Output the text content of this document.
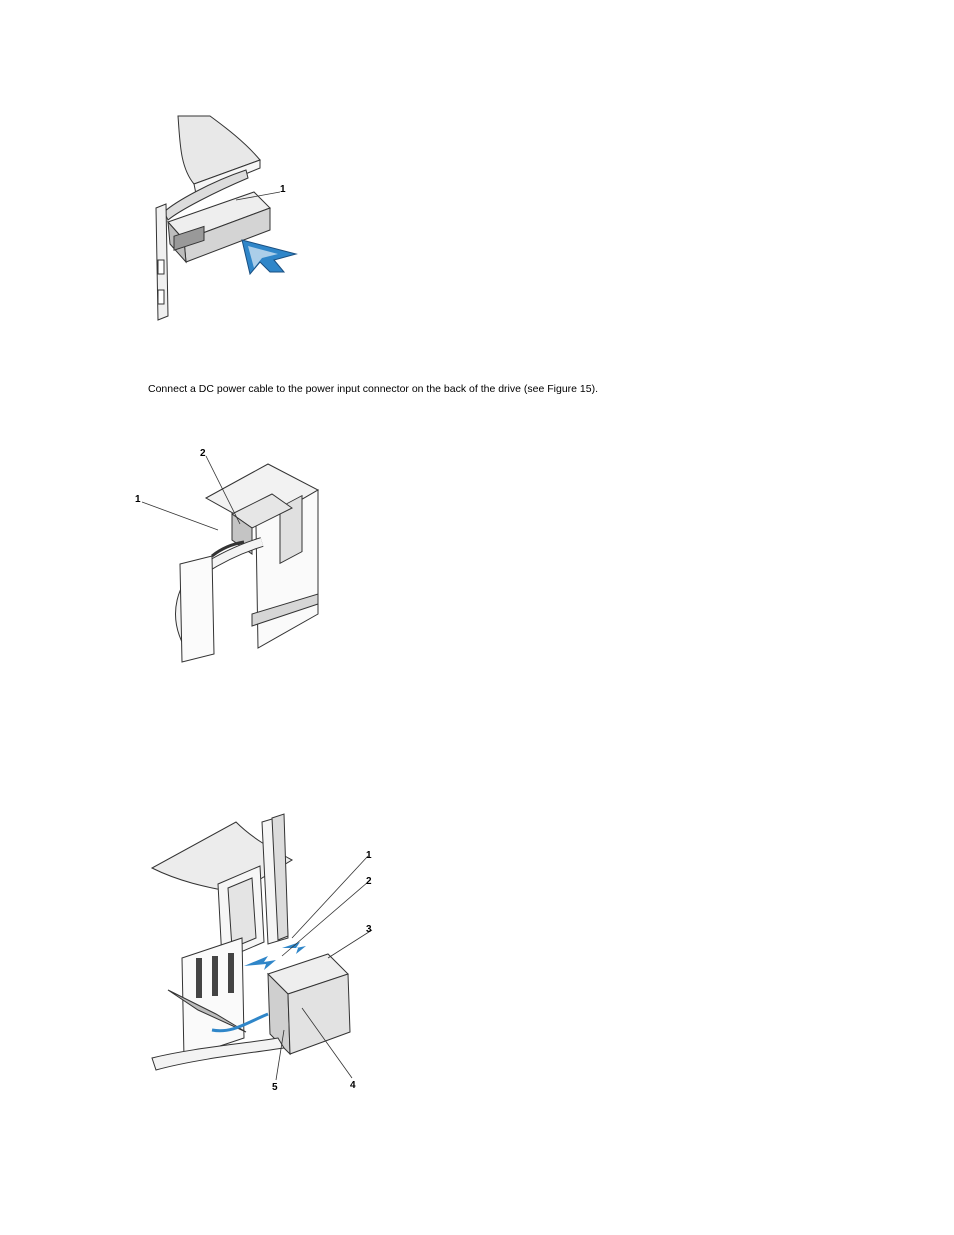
1
Connect a DC power cable to the power input connector on the back of the drive (see Figure 15).
2
1
1
2
3
4
5
